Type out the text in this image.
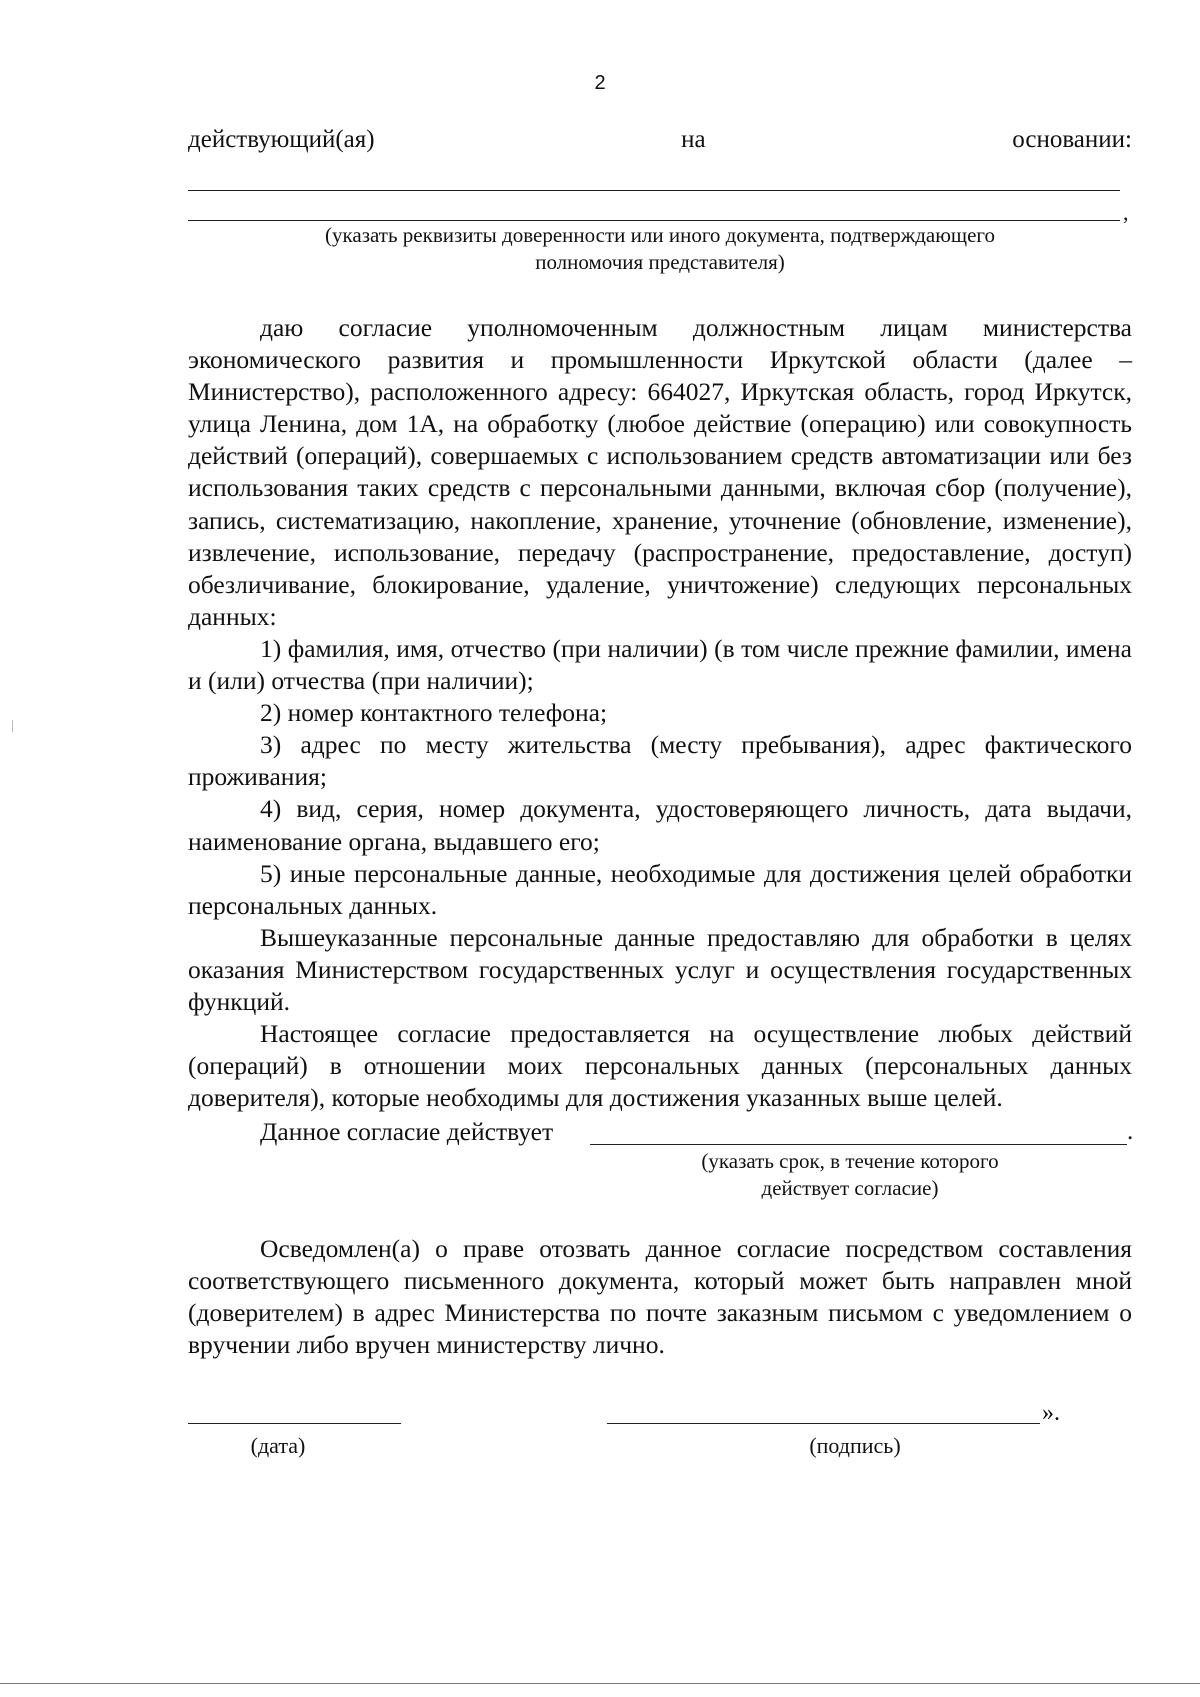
2
действующий(ая)	на	основании:
,
(указать реквизиты доверенности или иного документа, подтверждающего
полномочия представителя)

даю согласие уполномоченным должностным лицам министерства экономического развития и промышленности Иркутской области (далее – Министерство), расположенного адресу: 664027, Иркутская область, город Иркутск, улица Ленина, дом 1А, на обработку (любое действие (операцию) или совокупность действий (операций), совершаемых с использованием средств автоматизации или без использования таких средств с персональными данными, включая сбор (получение), запись, систематизацию, накопление, хранение, уточнение (обновление, изменение), извлечение, использование, передачу (распространение, предоставление, доступ) обезличивание, блокирование, удаление, уничтожение) следующих персональных данных:

1) фамилия, имя, отчество (при наличии) (в том числе прежние фамилии, имена и (или) отчества (при наличии);

2) номер контактного телефона;

3) адрес по месту жительства (месту пребывания), адрес фактического проживания;

4) вид, серия, номер документа, удостоверяющего личность, дата выдачи, наименование органа, выдавшего его;

5) иные персональные данные, необходимые для достижения целей обработки персональных данных.

Вышеуказанные персональные данные предоставляю для обработки в целях оказания Министерством государственных услуг и осуществления государственных функций.

Настоящее согласие предоставляется на осуществление любых действий (операций) в отношении моих персональных данных (персональных данных доверителя), которые необходимы для достижения указанных выше целей.

Данное согласие действует	.
(указать срок, в течение которого
действует согласие)

Осведомлен(а) о праве отозвать данное согласие посредством составления соответствующего письменного документа, который может быть направлен мной (доверителем) в адрес Министерства по почте заказным письмом с уведомлением о вручении либо вручен министерству лично.

».
(дата)	(подпись)
